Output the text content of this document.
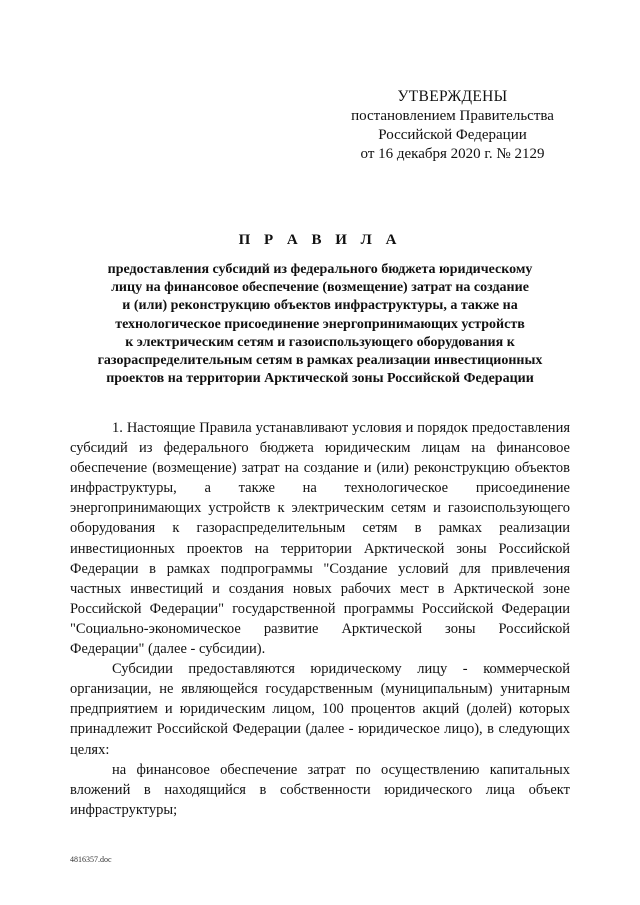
УТВЕРЖДЕНЫ
постановлением Правительства
Российской Федерации
от 16 декабря 2020 г. № 2129
П Р А В И Л А
предоставления субсидий из федерального бюджета юридическому
лицу на финансовое обеспечение (возмещение) затрат на создание
и (или) реконструкцию объектов инфраструктуры, а также на
технологическое присоединение энергопринимающих устройств
к электрическим сетям и газоиспользующего оборудования к
газораспределительным сетям в рамках реализации инвестиционных
проектов на территории Арктической зоны Российской Федерации

1. Настоящие Правила устанавливают условия и порядок предоставления субсидий из федерального бюджета юридическим лицам на финансовое обеспечение (возмещение) затрат на создание и (или) реконструкцию объектов инфраструктуры, а также на технологическое присоединение энергопринимающих устройств к электрическим сетям и газоиспользующего оборудования к газораспределительным сетям в рамках реализации инвестиционных проектов на территории Арктической зоны Российской Федерации в рамках подпрограммы "Создание условий для привлечения частных инвестиций и создания новых рабочих мест в Арктической зоне Российской Федерации" государственной программы Российской Федерации "Социально-экономическое развитие Арктической зоны Российской Федерации" (далее - субсидии).

Субсидии предоставляются юридическому лицу - коммерческой организации, не являющейся государственным (муниципальным) унитарным предприятием и юридическим лицом, 100 процентов акций (долей) которых принадлежит Российской Федерации (далее - юридическое лицо), в следующих целях:

на финансовое обеспечение затрат по осуществлению капитальных вложений в находящийся в собственности юридического лица объект инфраструктуры;

4816357.doc
